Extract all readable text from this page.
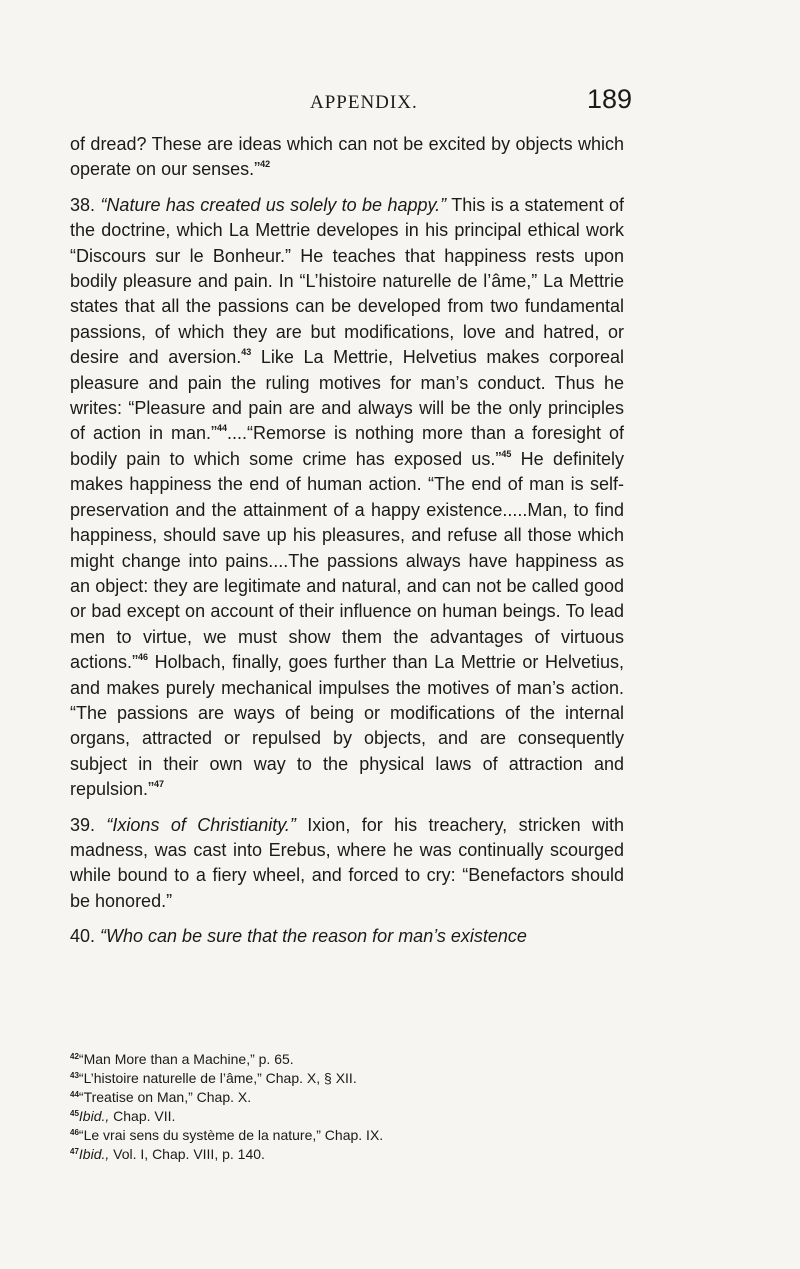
APPENDIX.	189

of dread? These are ideas which can not be excited by objects which operate on our senses.”$^{42}$

38. “Nature has created us solely to be happy.” This is a statement of the doctrine, which La Mettrie developes in his principal ethical work “Discours sur le Bonheur.” He teaches that happiness rests upon bodily pleasure and pain. In “L’histoire naturelle de l’âme,” La Mettrie states that all the passions can be developed from two fundamental passions, of which they are but modifications, love and hatred, or desire and aversion.$^{43}$ Like La Mettrie, Helvetius makes corporeal pleasure and pain the ruling motives for man’s conduct. Thus he writes: “Pleasure and pain are and always will be the only principles of action in man.”$^{44}$....“Remorse is nothing more than a foresight of bodily pain to which some crime has exposed us.”$^{45}$ He definitely makes happiness the end of human action. “The end of man is self-preservation and the attainment of a happy existence.....Man, to find happiness, should save up his pleasures, and refuse all those which might change into pains....The passions always have happiness as an object: they are legitimate and natural, and can not be called good or bad except on account of their influence on human beings. To lead men to virtue, we must show them the advantages of virtuous actions.”$^{46}$ Holbach, finally, goes further than La Mettrie or Helvetius, and makes purely mechanical impulses the motives of man’s action. “The passions are ways of being or modifications of the internal organs, attracted or repulsed by objects, and are consequently subject in their own way to the physical laws of attraction and repulsion.”$^{47}$

39. “Ixions of Christianity.” Ixion, for his treachery, stricken with madness, was cast into Erebus, where he was continually scourged while bound to a fiery wheel, and forced to cry: “Benefactors should be honored.”

40. “Who can be sure that the reason for man’s existence

$^{42}$“Man More than a Machine,” p. 65.
$^{43}$“L’histoire naturelle de l’âme,” Chap. X, § XII.
$^{44}$“Treatise on Man,” Chap. X.
$^{45}$Ibid., Chap. VII.
$^{46}$“Le vrai sens du système de la nature,” Chap. IX.
$^{47}$Ibid., Vol. I, Chap. VIII, p. 140.
